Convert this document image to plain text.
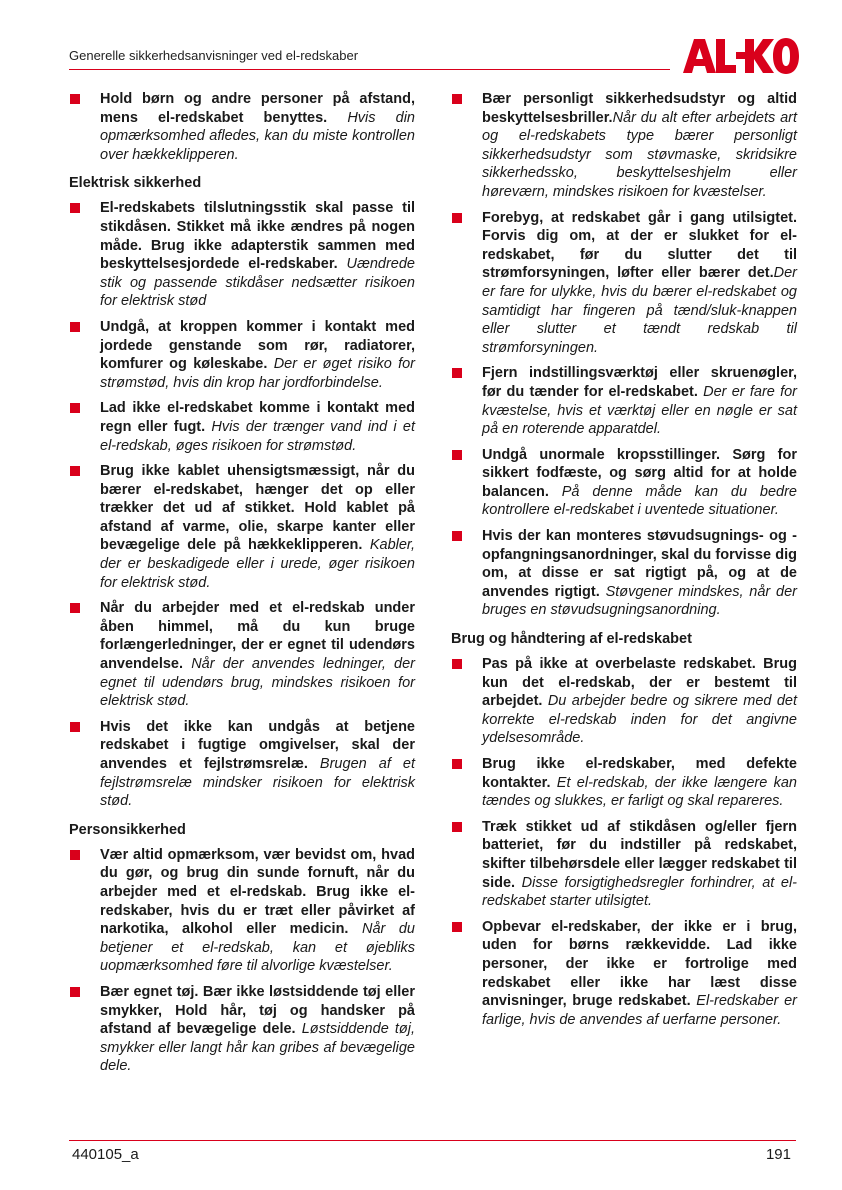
Generelle sikkerhedsanvisninger ved el-redskaber
Hold børn og andre personer på afstand, mens el-redskabet benyttes. Hvis din opmærksomhed afledes, kan du miste kontrollen over hækkeklipperen.
Elektrisk sikkerhed
El-redskabets tilslutningsstik skal passe til stikdåsen. Stikket må ikke ændres på nogen måde. Brug ikke adapterstik sammen med beskyttelsesjordede el-redskaber. Uændrede stik og passende stikdåser nedsætter risikoen for elektrisk stød
Undgå, at kroppen kommer i kontakt med jordede genstande som rør, radiatorer, komfurer og køleskabe. Der er øget risiko for strømstød, hvis din krop har jordforbindelse.
Lad ikke el-redskabet komme i kontakt med regn eller fugt. Hvis der trænger vand ind i et el-redskab, øges risikoen for strømstød.
Brug ikke kablet uhensigtsmæssigt, når du bærer el-redskabet, hænger det op eller trækker det ud af stikket. Hold kablet på afstand af varme, olie, skarpe kanter eller bevægelige dele på hækkeklipperen. Kabler, der er beskadigede eller i urede, øger risikoen for elektrisk stød.
Når du arbejder med et el-redskab under åben himmel, må du kun bruge forlængerledninger, der er egnet til udendørs anvendelse. Når der anvendes ledninger, der egnet til udendørs brug, mindskes risikoen for elektrisk stød.
Hvis det ikke kan undgås at betjene redskabet i fugtige omgivelser, skal der anvendes et fejlstrømsrelæ. Brugen af et fejlstrømsrelæ mindsker risikoen for elektrisk stød.
Personsikkerhed
Vær altid opmærksom, vær bevidst om, hvad du gør, og brug din sunde fornuft, når du arbejder med et el-redskab. Brug ikke el-redskaber, hvis du er træt eller påvirket af narkotika, alkohol eller medicin. Når du betjener et el-redskab, kan et øjebliks uopmærksomhed føre til alvorlige kvæstelser.
Bær egnet tøj. Bær ikke løstsiddende tøj eller smykker, Hold hår, tøj og handsker på afstand af bevægelige dele. Løstsiddende tøj, smykker eller langt hår kan gribes af bevægelige dele.
Bær personligt sikkerhedsudstyr og altid beskyttelsesbriller.Når du alt efter arbejdets art og el-redskabets type bærer personligt sikkerhedsudstyr som støvmaske, skridsikre sikkerhedssko, beskyttelseshjelm eller høreværn, mindskes risikoen for kvæstelser.
Forebyg, at redskabet går i gang utilsigtet. Forvis dig om, at der er slukket for el-redskabet, før du slutter det til strømforsyningen, løfter eller bærer det.Der er fare for ulykke, hvis du bærer el-redskabet og samtidigt har fingeren på tænd/sluk-knappen eller slutter et tændt redskab til strømforsyningen.
Fjern indstillingsværktøj eller skruenøgler, før du tænder for el-redskabet. Der er fare for kvæstelse, hvis et værktøj eller en nøgle er sat på en roterende apparatdel.
Undgå unormale kropsstillinger. Sørg for sikkert fodfæste, og sørg altid for at holde balancen. På denne måde kan du bedre kontrollere el-redskabet i uventede situationer.
Hvis der kan monteres støvudsugnings- og -opfangningsanordninger, skal du forvisse dig om, at disse er sat rigtigt på, og at de anvendes rigtigt. Støvgener mindskes, når der bruges en støvudsugningsanordning.
Brug og håndtering af el-redskabet
Pas på ikke at overbelaste redskabet. Brug kun det el-redskab, der er bestemt til arbejdet. Du arbejder bedre og sikrere med det korrekte el-redskab inden for det angivne ydelsesområde.
Brug ikke el-redskaber, med defekte kontakter. Et el-redskab, der ikke længere kan tændes og slukkes, er farligt og skal repareres.
Træk stikket ud af stikdåsen og/eller fjern batteriet, før du indstiller på redskabet, skifter tilbehørsdele eller lægger redskabet til side. Disse forsigtighedsregler forhindrer, at el-redskabet starter utilsigtet.
Opbevar el-redskaber, der ikke er i brug, uden for børns rækkevidde. Lad ikke personer, der ikke er fortrolige med redskabet eller ikke har læst disse anvisninger, bruge redskabet. El-redskaber er farlige, hvis de anvendes af uerfarne personer.
440105_a	191
